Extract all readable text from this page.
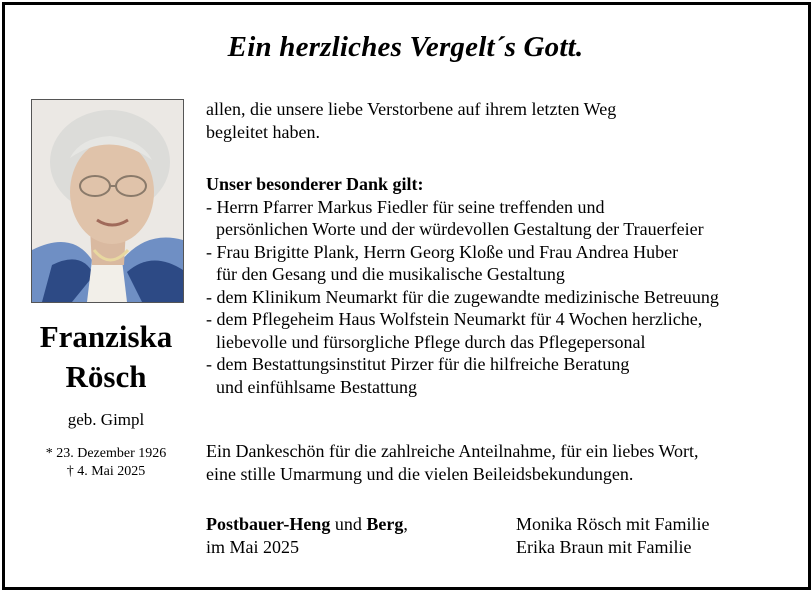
Ein herzliches Vergelt´s Gott.
Franziska
Rösch
geb. Gimpl
* 23. Dezember 1926
† 4. Mai 2025
allen, die unsere liebe Verstorbene auf ihrem letzten Weg
begleitet haben.
Unser besonderer Dank gilt:
- Herrn Pfarrer Markus Fiedler für seine treffenden und
persönlichen Worte und der würdevollen Gestaltung der Trauerfeier
- Frau Brigitte Plank, Herrn Georg Kloße und Frau Andrea Huber
für den Gesang und die musikalische Gestaltung
- dem Klinikum Neumarkt für die zugewandte medizinische Betreuung
- dem Pflegeheim Haus Wolfstein Neumarkt für 4 Wochen herzliche,
liebevolle und fürsorgliche Pflege durch das Pflegepersonal
- dem Bestattungsinstitut Pirzer für die hilfreiche Beratung
und einfühlsame Bestattung
Ein Dankeschön für die zahlreiche Anteilnahme, für ein liebes Wort,
eine stille Umarmung und die vielen Beileidsbekundungen.
Postbauer-Heng und Berg,
im Mai 2025
Monika Rösch mit Familie
Erika Braun mit Familie
